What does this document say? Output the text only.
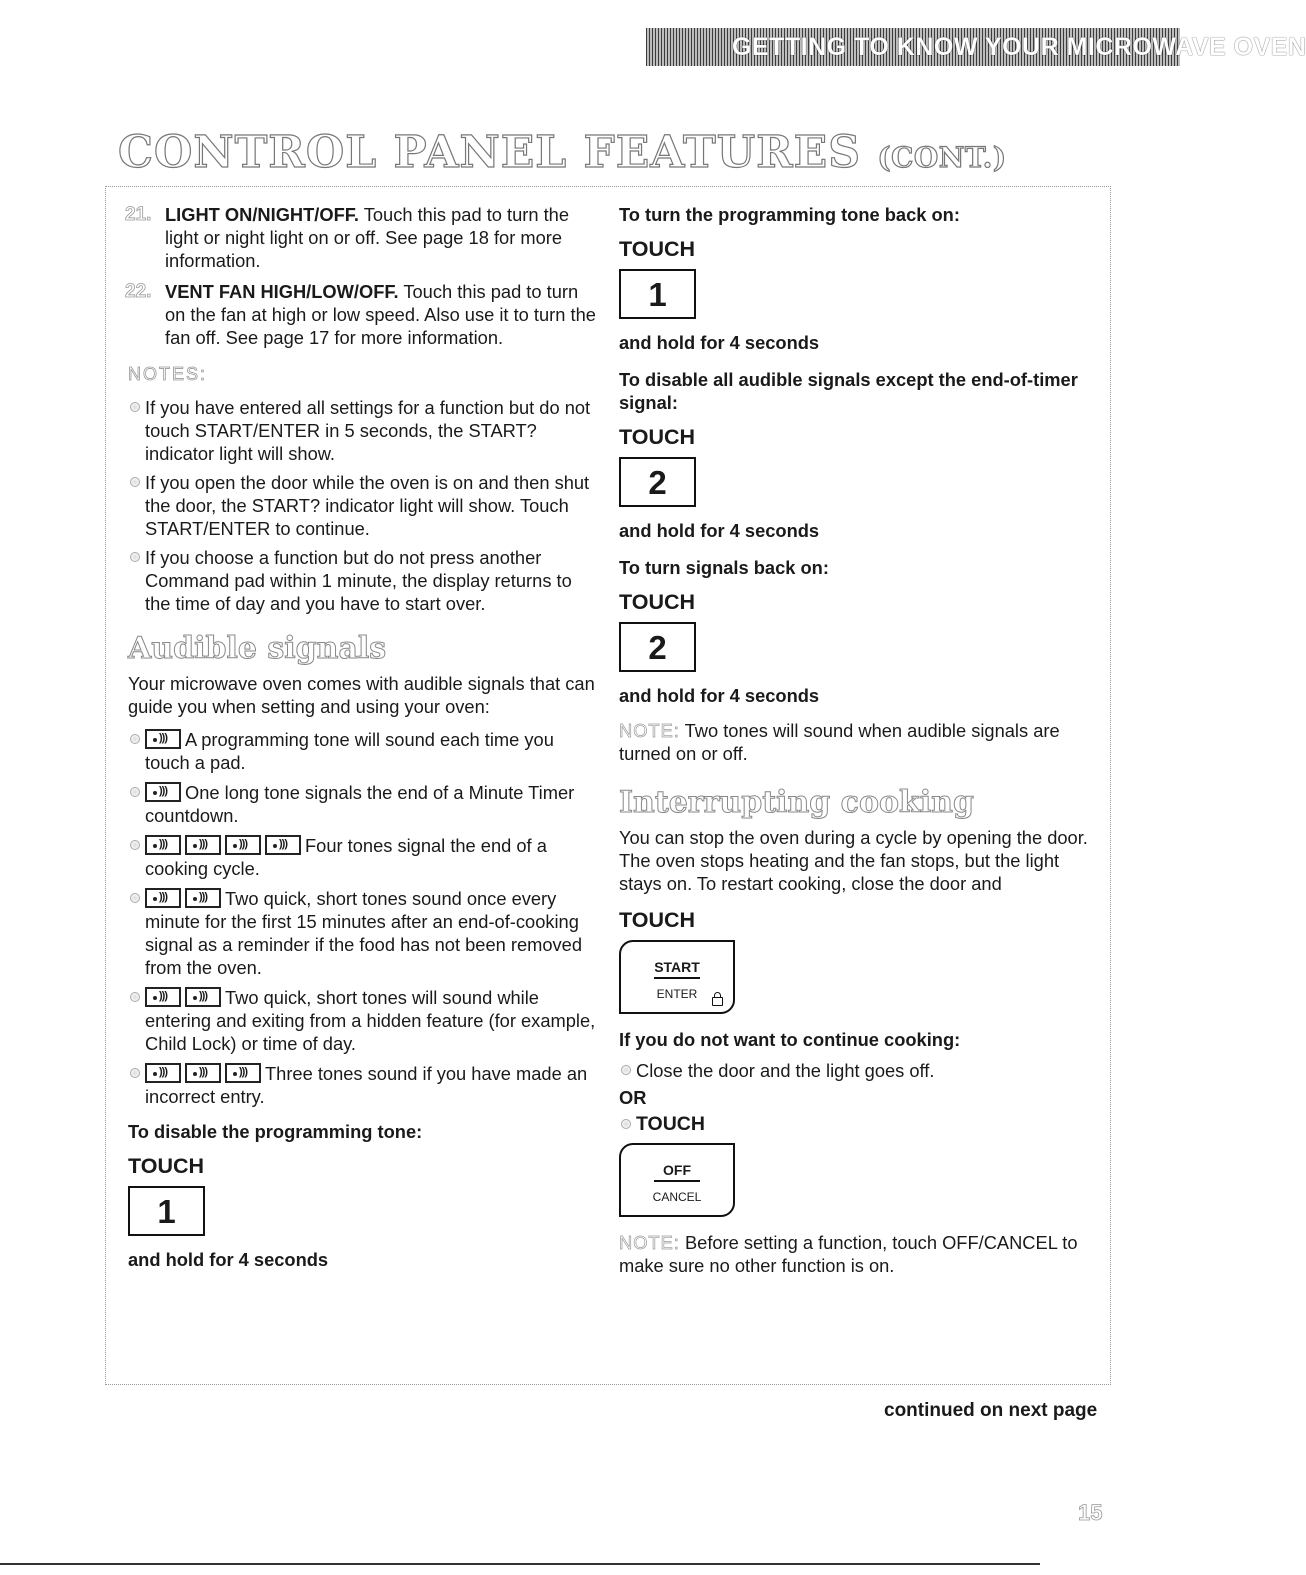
GETTING TO KNOW YOUR MICROWAVE OVEN
CONTROL PANEL FEATURES (CONT.)
21. LIGHT ON/NIGHT/OFF. Touch this pad to turn the light or night light on or off. See page 18 for more information.
22. VENT FAN HIGH/LOW/OFF. Touch this pad to turn on the fan at high or low speed. Also use it to turn the fan off. See page 17 for more information.
NOTES:
If you have entered all settings for a function but do not touch START/ENTER in 5 seconds, the START? indicator light will show.
If you open the door while the oven is on and then shut the door, the START? indicator light will show. Touch START/ENTER to continue.
If you choose a function but do not press another Command pad within 1 minute, the display returns to the time of day and you have to start over.
Audible signals
Your microwave oven comes with audible signals that can guide you when setting and using your oven:
)))A programming tone will sound each time you touch a pad.
)))One long tone signals the end of a Minute Timer countdown.
))))))))))))Four tones signal the end of a cooking cycle.
))))))Two quick, short tones sound once every minute for the first 15 minutes after an end-of-cooking signal as a reminder if the food has not been removed from the oven.
))))))Two quick, short tones will sound while entering and exiting from a hidden feature (for example, Child Lock) or time of day.
)))))))))Three tones sound if you have made an incorrect entry.
To disable the programming tone:
TOUCH
1
and hold for 4 seconds
To turn the programming tone back on:
TOUCH
1
and hold for 4 seconds
To disable all audible signals except the end-of-timer signal:
TOUCH
2
and hold for 4 seconds
To turn signals back on:
TOUCH
2
and hold for 4 seconds
NOTE: Two tones will sound when audible signals are turned on or off.
Interrupting cooking
You can stop the oven during a cycle by opening the door. The oven stops heating and the fan stops, but the light stays on. To restart cooking, close the door and
TOUCH
START
ENTER
If you do not want to continue cooking:
Close the door and the light goes off.
OR
TOUCH
OFF
CANCEL
NOTE: Before setting a function, touch OFF/CANCEL to make sure no other function is on.
continued on next page
15
